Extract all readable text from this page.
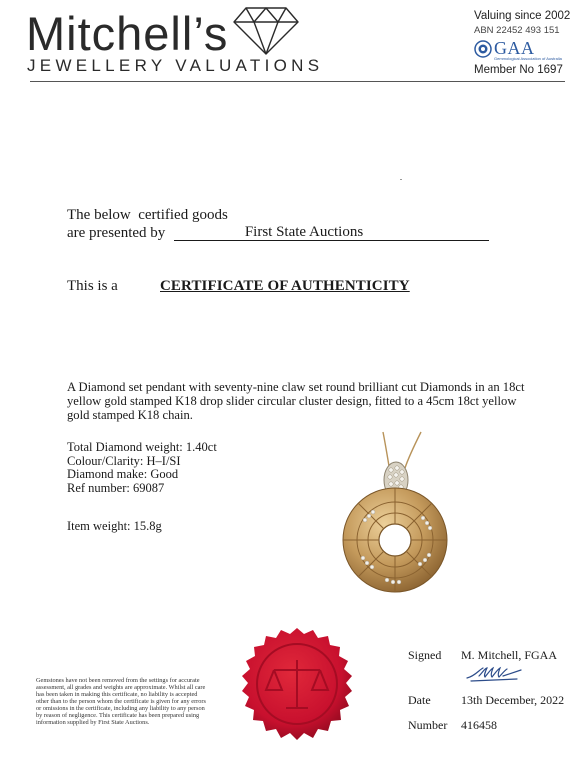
Mitchell’s
JEWELLERY VALUATIONS
Valuing since 2002
ABN 22452 493 151
GAA
Gemmological Association of Australia
Member No 1697
The below  certified goods
are presented by	First State Auctions
This is a	CERTIFICATE OF AUTHENTICITY
A Diamond set pendant with seventy-nine claw set round brilliant cut Diamonds in an 18ct yellow gold stamped K18 drop slider circular cluster design, fitted to a 45cm 18ct yellow gold stamped K18 chain.
Total Diamond weight: 1.40ct
Colour/Clarity: H–I/SI
Diamond make: Good
Ref number: 69087
Item weight: 15.8g
Gemstones have not been removed from the settings for accurate assessment, all grades and weights are approximate. Whilst all care has been taken in making this certificate, no liability is accepted other than to the person whom the certificate is given for any errors or omissions in the certificate, including any liability to any person by reason of negligence. This certificate has been prepared using information supplied by First State Auctions.
Signed M. Mitchell, FGAA
Date	13th December, 2022
Number 416458
